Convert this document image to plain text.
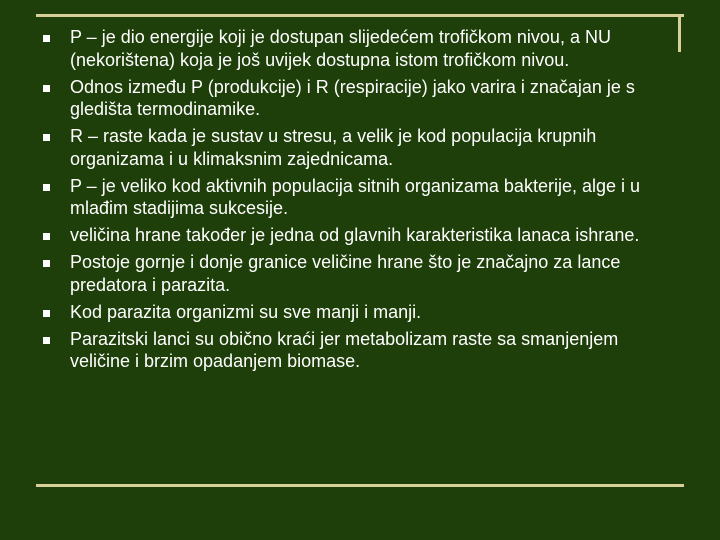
P – je dio energije koji je dostupan slijedećem trofičkom nivou, a NU (nekorištena) koja je još uvijek dostupna istom trofičkom nivou.
Odnos između P (produkcije) i R (respiracije) jako varira i značajan je s gledišta termodinamike.
R – raste kada je sustav u stresu, a velik je kod populacija krupnih organizama i u klimaksnim zajednicama.
P – je veliko kod aktivnih populacija sitnih organizama bakterije, alge i u mlađim stadijima sukcesije.
veličina hrane također je jedna od glavnih karakteristika lanaca ishrane.
Postoje gornje i donje granice veličine hrane što je značajno za lance predatora i parazita.
Kod parazita organizmi su sve manji i manji.
Parazitski lanci su obično kraći jer metabolizam raste sa smanjenjem veličine i brzim opadanjem biomase.
